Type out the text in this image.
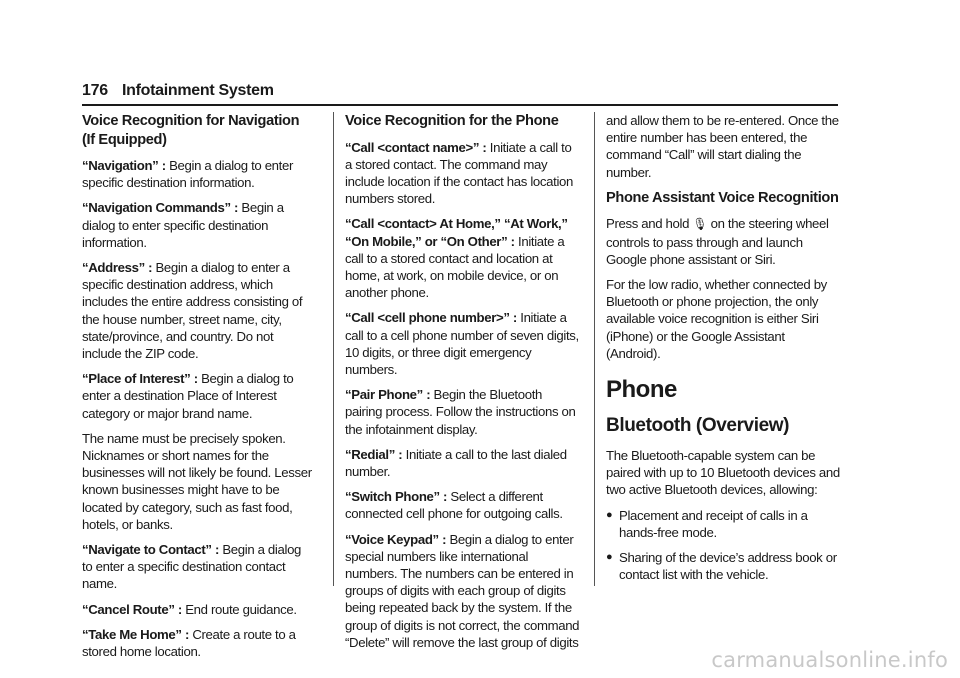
176 Infotainment System
Voice Recognition for Navigation (If Equipped)

“Navigation” : Begin a dialog to enter specific destination information.

“Navigation Commands” : Begin a dialog to enter specific destination information.

“Address” : Begin a dialog to enter a specific destination address, which includes the entire address consisting of the house number, street name, city, state/province, and country. Do not include the ZIP code.

“Place of Interest” : Begin a dialog to enter a destination Place of Interest category or major brand name.

The name must be precisely spoken. Nicknames or short names for the businesses will not likely be found. Lesser known businesses might have to be located by category, such as fast food, hotels, or banks.

“Navigate to Contact” : Begin a dialog to enter a specific destination contact name.

“Cancel Route” : End route guidance.

“Take Me Home” : Create a route to a stored home location.

Voice Recognition for the Phone

“Call <contact name>” : Initiate a call to a stored contact. The command may include location if the contact has location numbers stored.

“Call <contact> At Home,” “At Work,” “On Mobile,” or “On Other” : Initiate a call to a stored contact and location at home, at work, on mobile device, or on another phone.

“Call <cell phone number>” : Initiate a call to a cell phone number of seven digits, 10 digits, or three digit emergency numbers.

“Pair Phone” : Begin the Bluetooth pairing process. Follow the instructions on the infotainment display.

“Redial” : Initiate a call to the last dialed number.

“Switch Phone” : Select a different connected cell phone for outgoing calls.

“Voice Keypad” : Begin a dialog to enter special numbers like international numbers. The numbers can be entered in groups of digits with each group of digits being repeated back by the system. If the group of digits is not correct, the command “Delete” will remove the last group of digits

and allow them to be re-entered. Once the entire number has been entered, the command “Call” will start dialing the number.

Phone Assistant Voice Recognition

Press and hold 🎙︎ on the steering wheel controls to pass through and launch Google phone assistant or Siri.

For the low radio, whether connected by Bluetooth or phone projection, the only available voice recognition is either Siri (iPhone) or the Google Assistant (Android).

Phone
Bluetooth (Overview)

The Bluetooth-capable system can be paired with up to 10 Bluetooth devices and two active Bluetooth devices, allowing:

● Placement and receipt of calls in a hands-free mode.
● Sharing of the device’s address book or contact list with the vehicle.
carmanualsonline.info
